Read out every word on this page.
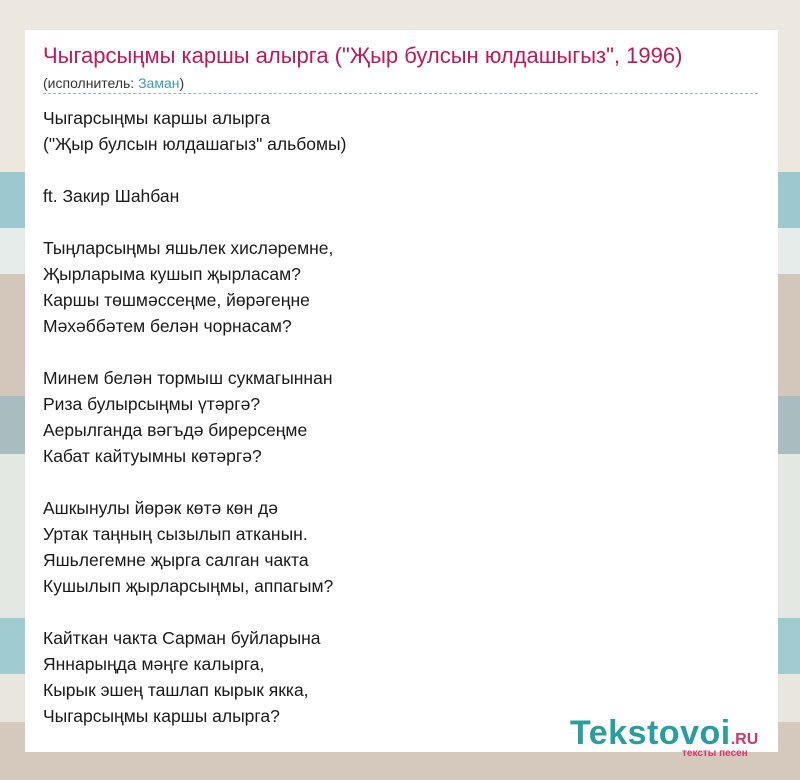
Чыгарсыңмы каршы алырга ("Җыр булсын юлдашыгыз", 1996)
(исполнитель: Заман)
Чыгарсыңмы каршы алырга
("Җыр булсын юлдашагыз" альбомы)
ft. Закир Шаһбан
Тыңларсыңмы яшьлек хисләремне,
Җырларыма кушып җырласам?
Каршы төшмәссеңме, йөрәгеңне
Мәхәббәтем белән чорнасам?
Минем белән тормыш сукмагыннан
Риза булырсыңмы үтәргә?
Аерылганда вәгъдә бирерсеңме
Кабат кайтуымны көтәргә?
Ашкынулы йөрәк көтә көн дә
Уртак таңның сызылып атканын.
Яшьлегемне җырга салган чакта
Кушылып җырларсыңмы, аппагым?
Кайткан чакта Сарман буйларына
Яннарыңда мәңге калырга,
Кырык эшең ташлап кырык якка,
Чыгарсыңмы каршы алырга?	Tekstovoi.RU
тексты песен
